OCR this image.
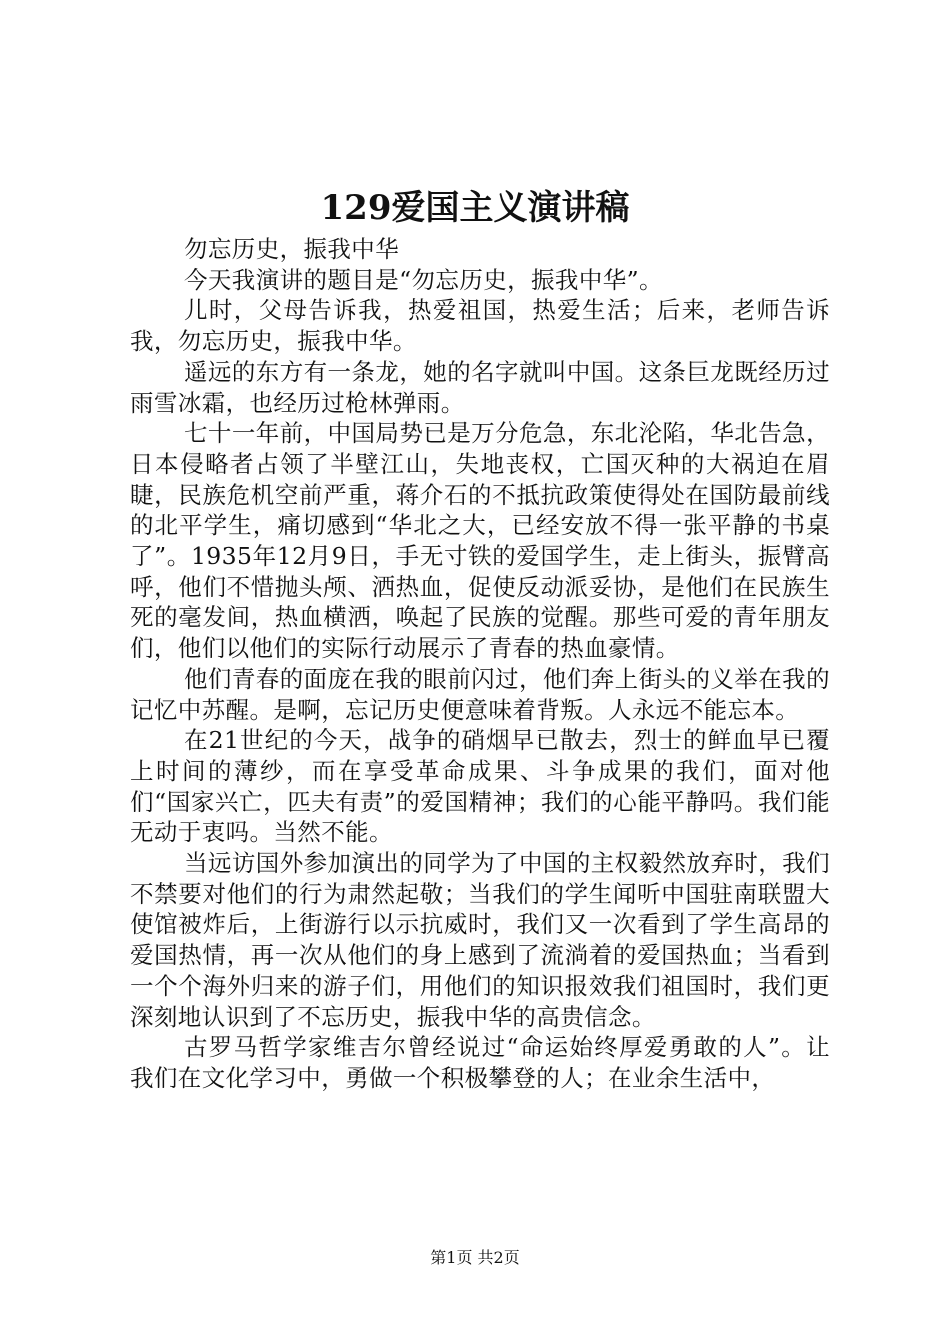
129爱国主义演讲稿

勿忘历史，振我中华

今天我演讲的题目是“勿忘历史，振我中华”。

儿时，父母告诉我，热爱祖国，热爱生活；后来，老师告诉我，勿忘历史，振我中华。

遥远的东方有一条龙，她的名字就叫中国。这条巨龙既经历过雨雪冰霜，也经历过枪林弹雨。

七十一年前，中国局势已是万分危急，东北沦陷，华北告急，日本侵略者占领了半壁江山，失地丧权，亡国灭种的大祸迫在眉睫，民族危机空前严重，蒋介石的不抵抗政策使得处在国防最前线的北平学生，痛切感到“华北之大，已经安放不得一张平静的书桌了”。1935年12月9日，手无寸铁的爱国学生，走上街头，振臂高呼，他们不惜抛头颅、洒热血，促使反动派妥协，是他们在民族生死的毫发间，热血横洒，唤起了民族的觉醒。那些可爱的青年朋友们，他们以他们的实际行动展示了青春的热血豪情。

他们青春的面庞在我的眼前闪过，他们奔上街头的义举在我的记忆中苏醒。是啊，忘记历史便意味着背叛。人永远不能忘本。

在21世纪的今天，战争的硝烟早已散去，烈士的鲜血早已覆上时间的薄纱，而在享受革命成果、斗争成果的我们，面对他们“国家兴亡，匹夫有责”的爱国精神；我们的心能平静吗。我们能无动于衷吗。当然不能。

当远访国外参加演出的同学为了中国的主权毅然放弃时，我们不禁要对他们的行为肃然起敬；当我们的学生闻听中国驻南联盟大使馆被炸后，上街游行以示抗威时，我们又一次看到了学生高昂的爱国热情，再一次从他们的身上感到了流淌着的爱国热血；当看到一个个海外归来的游子们，用他们的知识报效我们祖国时，我们更深刻地认识到了不忘历史，振我中华的高贵信念。

古罗马哲学家维吉尔曾经说过“命运始终厚爱勇敢的人”。让我们在文化学习中，勇做一个积极攀登的人；在业余生活中，

第1页 共2页
